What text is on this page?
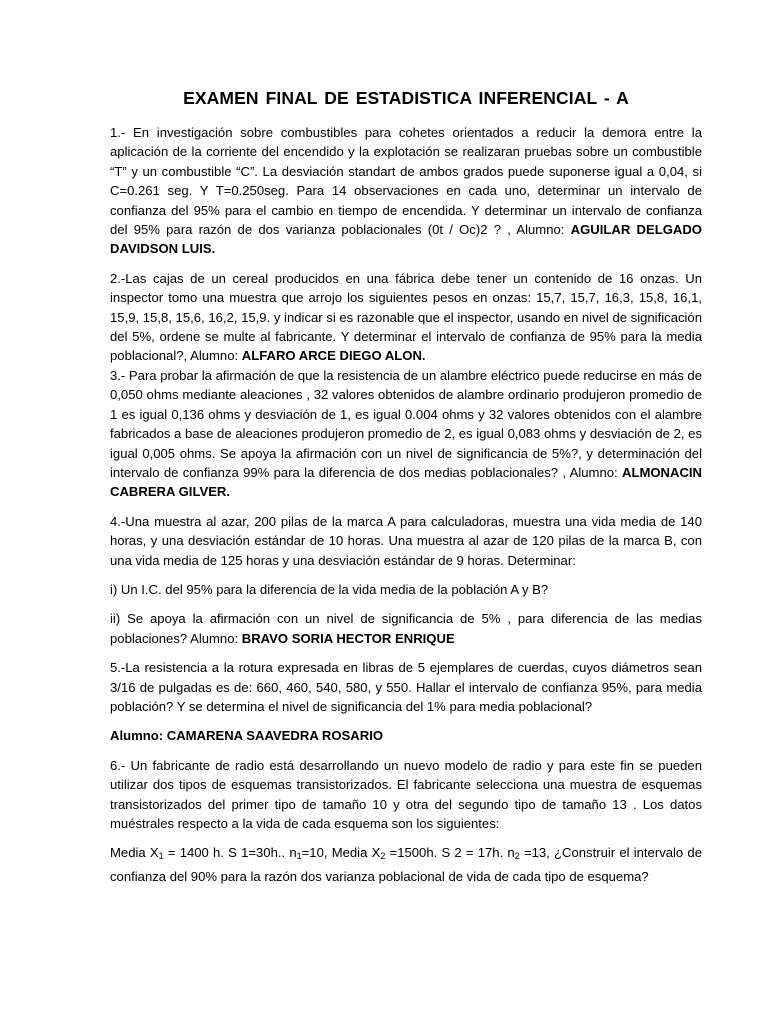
EXAMEN FINAL DE ESTADISTICA INFERENCIAL - A

1.- En investigación sobre combustibles para cohetes orientados a reducir la demora entre la aplicación de la corriente del encendido y la explotación se realizaran pruebas sobre un combustible “T” y un combustible “C”. La desviación standart de ambos grados puede suponerse igual a 0,04, si C=0.261 seg. Y T=0.250seg. Para 14 observaciones en cada uno, determinar un intervalo de confianza del 95% para el cambio en tiempo de encendida. Y determinar un intervalo de confianza del 95% para razón de dos varianza poblacionales (0t / Oc)2 ? , Alumno: AGUILAR DELGADO DAVIDSON LUIS.

2.-Las cajas de un cereal producidos en una fábrica debe tener un contenido de 16 onzas. Un inspector tomo una muestra que arrojo los siguientes pesos en onzas: 15,7, 15,7, 16,3, 15,8, 16,1, 15,9, 15,8, 15,6, 16,2, 15,9. y indicar si es razonable que el inspector, usando en nivel de significación del 5%, ordene se multe al fabricante. Y determinar el intervalo de confianza de 95% para la media poblacional?, Alumno: ALFARO ARCE DIEGO ALON.

3.- Para probar la afirmación de que la resistencia de un alambre eléctrico puede reducirse en más de 0,050 ohms mediante aleaciones , 32 valores obtenidos de alambre ordinario produjeron promedio de 1 es igual 0,136 ohms y desviación de 1, es igual 0.004 ohms y 32 valores obtenidos con el alambre fabricados a base de aleaciones produjeron promedio de 2, es igual 0,083 ohms y desviación de 2, es igual 0,005 ohms. Se apoya la afirmación con un nivel de significancia de 5%?, y determinación del intervalo de confianza 99% para la diferencia de dos medias poblacionales? , Alumno: ALMONACIN CABRERA GILVER.

4.-Una muestra al azar, 200 pilas de la marca A para calculadoras, muestra una vida media de 140 horas, y una desviación estándar de 10 horas. Una muestra al azar de 120 pilas de la marca B, con una vida media de 125 horas y una desviación estándar de 9 horas. Determinar:

i) Un I.C. del 95% para la diferencia de la vida media de la población A y B?

ii) Se apoya la afirmación con un nivel de significancia de 5% , para diferencia de las medias poblaciones? Alumno: BRAVO SORIA HECTOR ENRIQUE

5.-La resistencia a la rotura expresada en libras de 5 ejemplares de cuerdas, cuyos diámetros sean 3/16 de pulgadas es de: 660, 460, 540, 580, y 550. Hallar el intervalo de confianza 95%, para media población? Y se determina el nivel de significancia del 1% para media poblacional?

Alumno: CAMARENA SAAVEDRA ROSARIO

6.- Un fabricante de radio está desarrollando un nuevo modelo de radio y para este fin se pueden utilizar dos tipos de esquemas transistorizados. El fabricante selecciona una muestra de esquemas transistorizados del primer tipo de tamaño 10 y otra del segundo tipo de tamaño 13 . Los datos muéstrales respecto a la vida de cada esquema son los siguientes:

Media $X_1 = 1400$ h. S 1=30h.. $n_1=10$, Media $X_2 =1500h$. S 2 = 17h. $n_2 =13$, ¿Construir el intervalo de confianza del 90% para la razón dos varianza poblacional de vida de cada tipo de esquema?
